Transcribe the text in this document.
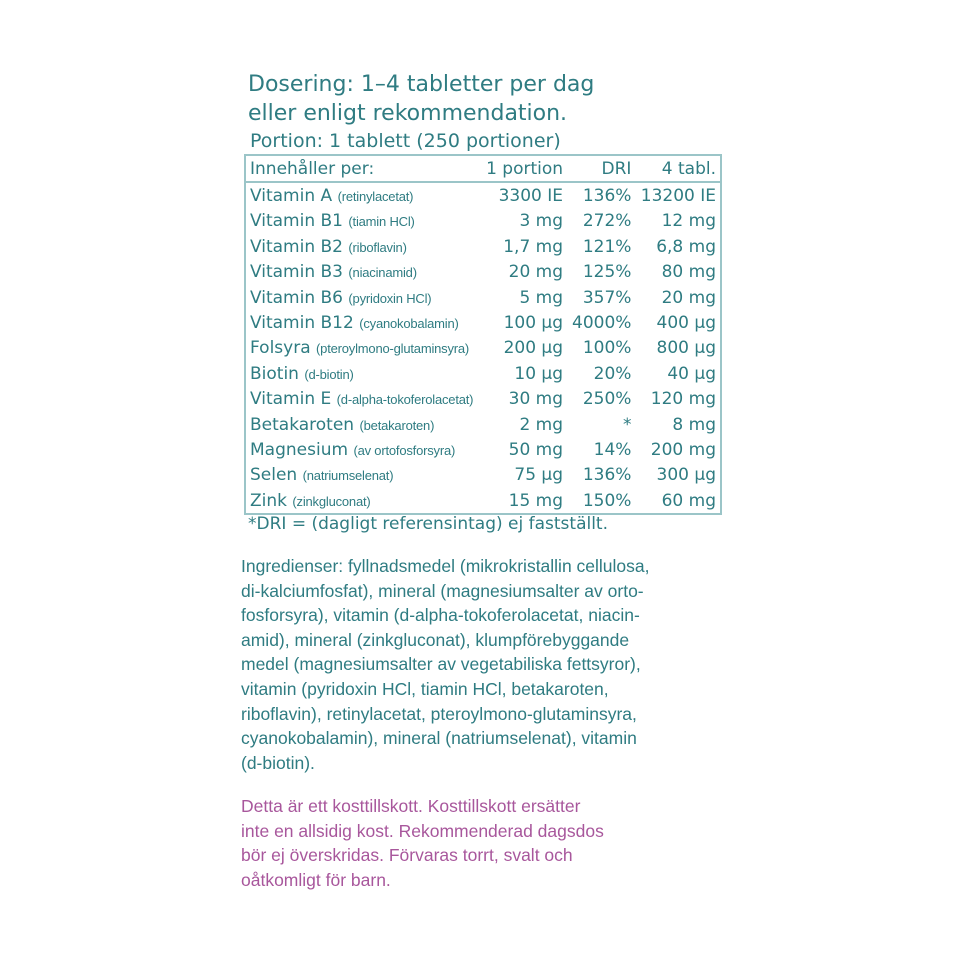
Dosering: 1–4 tabletter per dag
eller enligt rekommendation.
Portion: 1 tablett (250 portioner)
Innehåller per:	1 portion	DRI	4 tabl.
Vitamin A (retinylacetat)	3300 IE	136%	13200 IE
Vitamin B1 (tiamin HCl)	3 mg	272%	12 mg
Vitamin B2 (riboflavin)	1,7 mg	121%	6,8 mg
Vitamin B3 (niacinamid)	20 mg	125%	80 mg
Vitamin B6 (pyridoxin HCl)	5 mg	357%	20 mg
Vitamin B12 (cyanokobalamin)	100 µg	4000%	400 µg
Folsyra (pteroylmono-glutaminsyra)	200 µg	100%	800 µg
Biotin (d-biotin)	10 µg	20%	40 µg
Vitamin E (d-alpha-tokoferolacetat)	30 mg	250%	120 mg
Betakaroten (betakaroten)	2 mg	*	8 mg
Magnesium (av ortofosforsyra)	50 mg	14%	200 mg
Selen (natriumselenat)	75 µg	136%	300 µg
Zink (zinkgluconat)	15 mg	150%	60 mg
*DRI = (dagligt referensintag) ej fastställt.
Ingredienser: fyllnadsmedel (mikrokristallin cellulosa,
di-kalciumfosfat), mineral (magnesiumsalter av orto-
fosforsyra), vitamin (d-alpha-tokoferolacetat, niacin-
amid), mineral (zinkgluconat), klumpförebyggande
medel (magnesiumsalter av vegetabiliska fettsyror),
vitamin (pyridoxin HCl, tiamin HCl, betakaroten,
riboflavin), retinylacetat, pteroylmono-glutaminsyra,
cyanokobalamin), mineral (natriumselenat), vitamin
(d-biotin).
Detta är ett kosttillskott. Kosttillskott ersätter
inte en allsidig kost. Rekommenderad dagsdos
bör ej överskridas. Förvaras torrt, svalt och
oåtkomligt för barn.
